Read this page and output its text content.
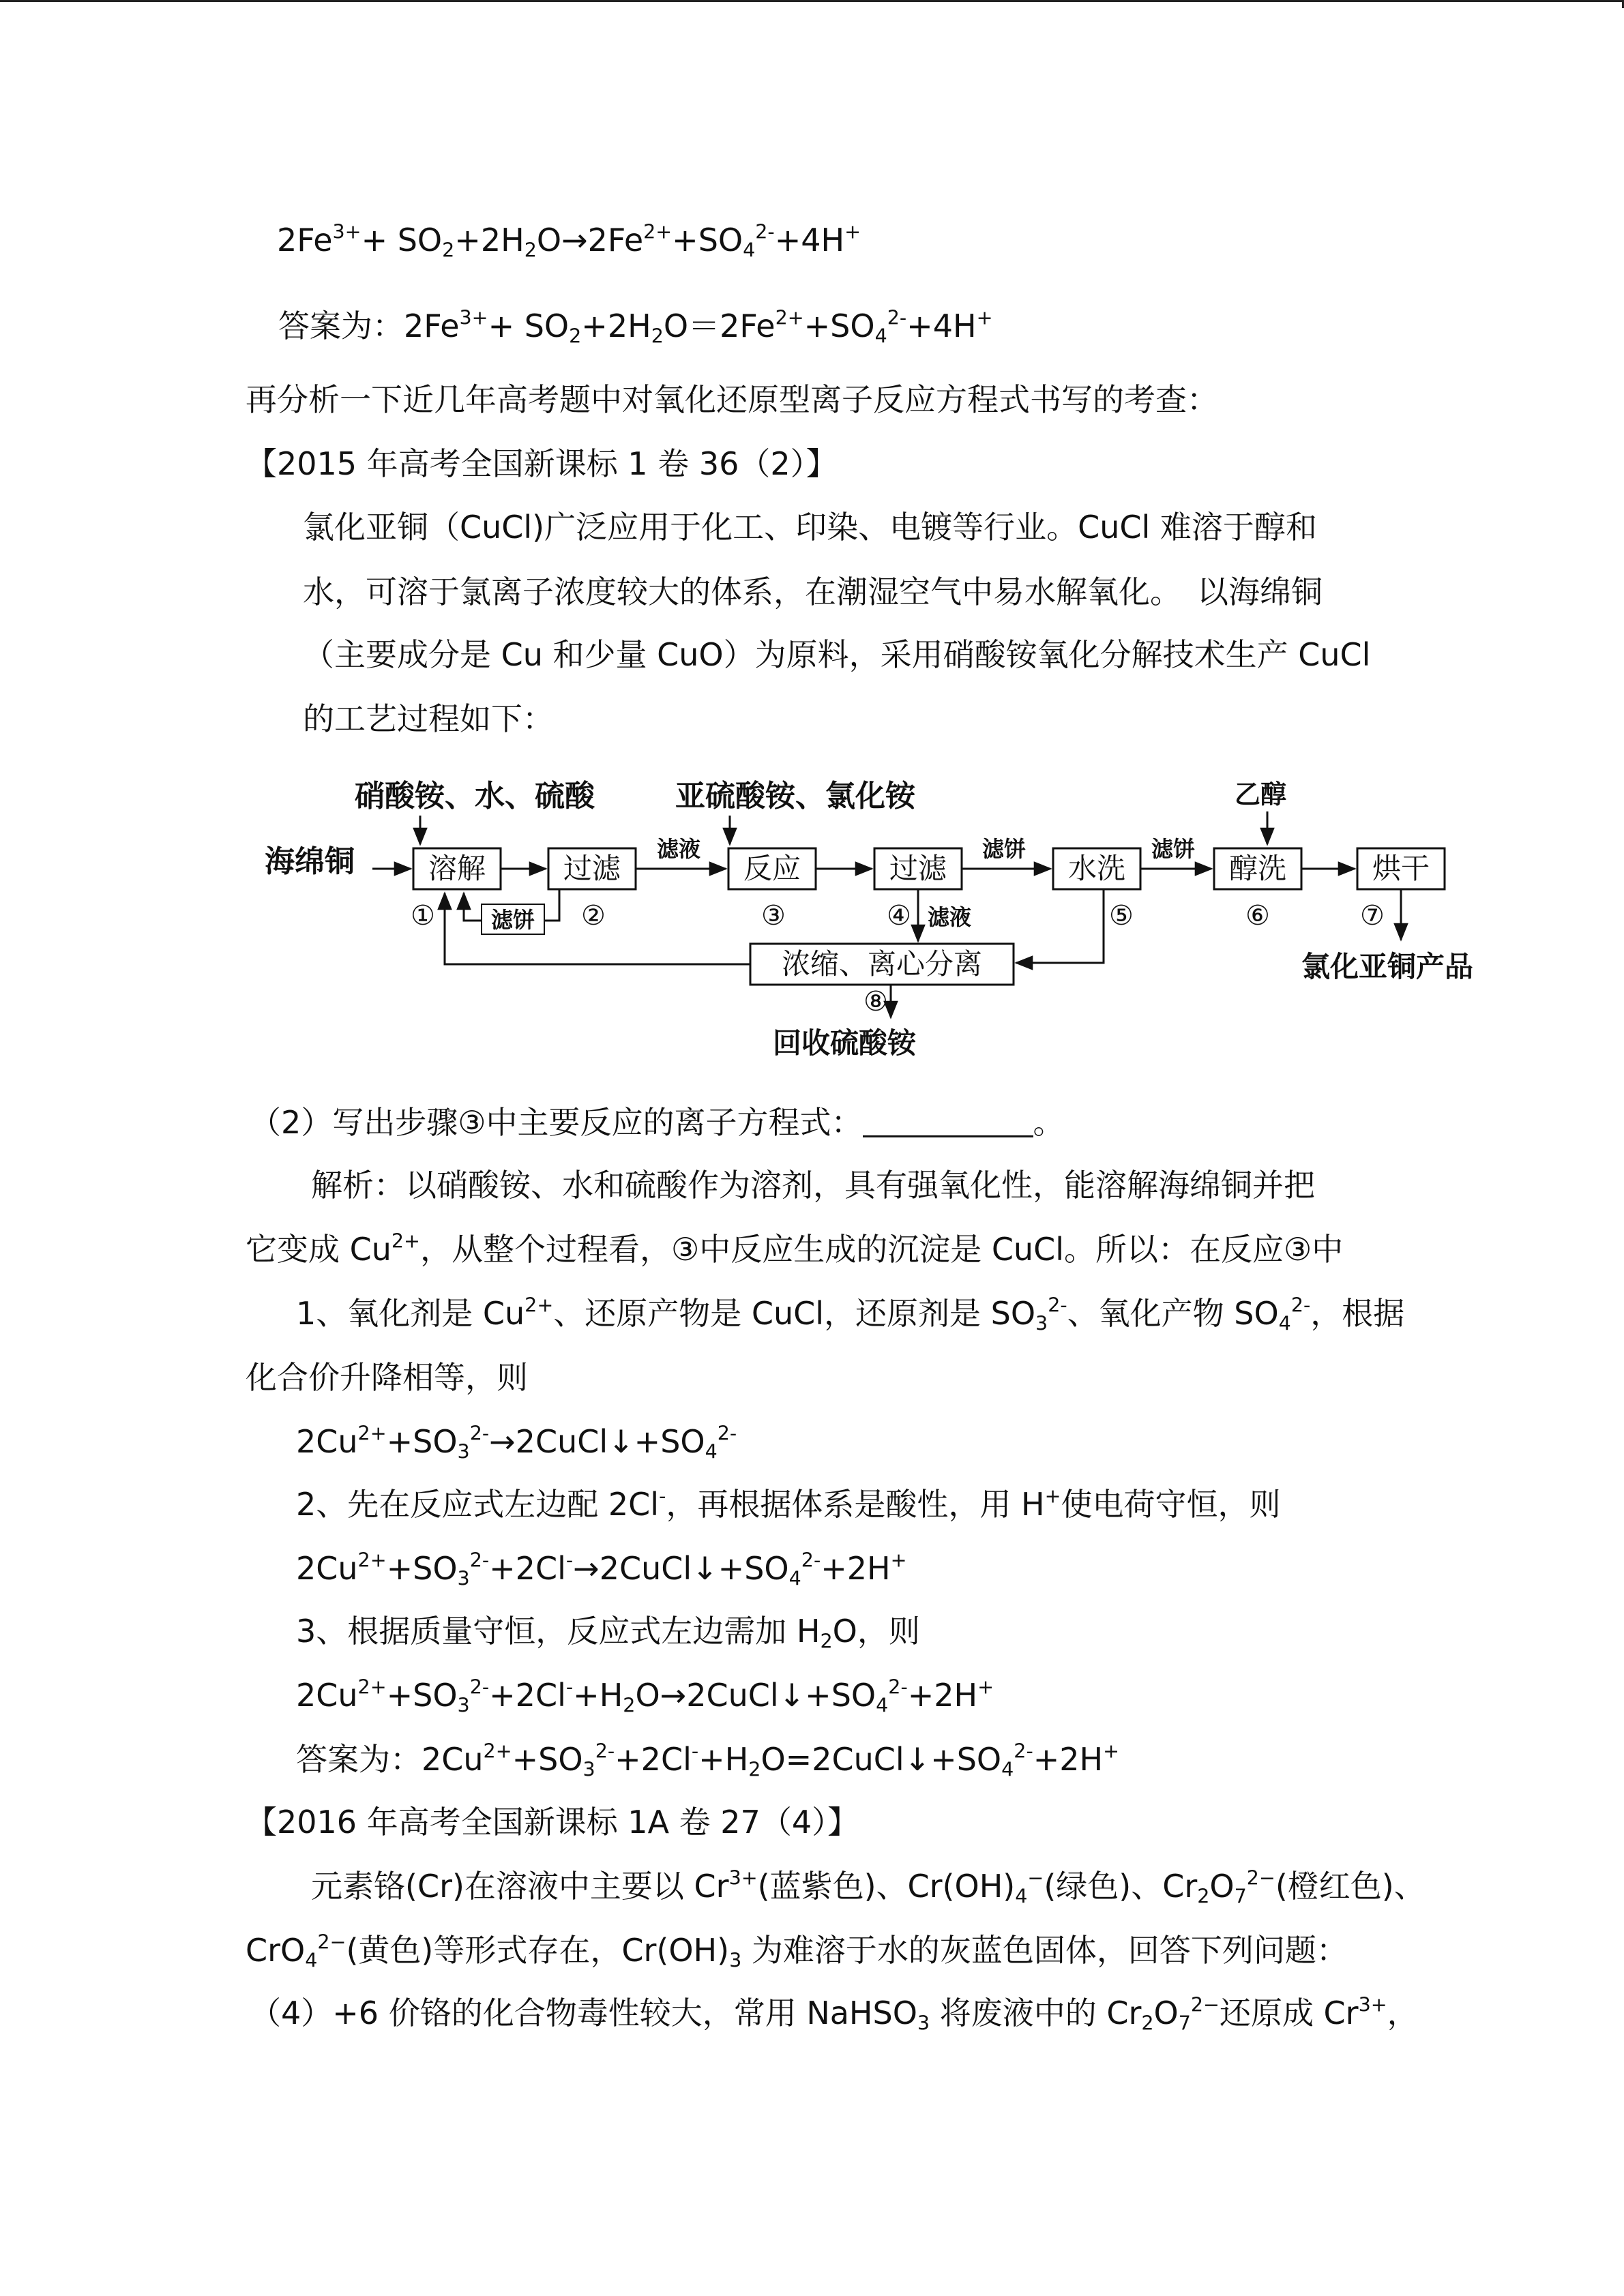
$2Fe^{3+}+ SO_2+2H_2O\to 2Fe^{2+}+SO_4^{2-}+4H^+$
答案为：$2Fe^{3+}+ SO_2+2H_2O=2Fe^{2+}+SO_4^{2-}+4H^+$
再分析一下近几年高考题中对氧化还原型离子反应方程式书写的考查：
【2015 年高考全国新课标 1 卷 36（2）】
氯化亚铜（CuCl)广泛应用于化工、印染、电镀等行业。CuCl 难溶于醇和
水，可溶于氯离子浓度较大的体系，在潮湿空气中易水解氧化。　以海绵铜
（主要成分是 Cu 和少量 CuO）为原料，采用硝酸铵氧化分解技术生产 CuCl
的工艺过程如下：
硝酸铵、水、硫酸	亚硫酸铵、氯化铵	乙醇
海绵铜	溶解	过滤
滤液
反应	过滤
滤饼
水洗
滤饼
醇洗	烘干
氯化亚铜产品
①	②	③	④	⑤	⑥	⑦
滤饼	滤液
浓缩、离心分离
⑧
回收硫酸铵
（2）写出步骤③中主要反应的离子方程式：	。
解析：以硝酸铵、水和硫酸作为溶剂，具有强氧化性，能溶解海绵铜并把
它变成 $Cu^{2+}$，从整个过程看，③中反应生成的沉淀是 CuCl。所以：在反应③中
1、氧化剂是 $Cu^{2+}$、还原产物是 CuCl，还原剂是 $SO_3^{2-}$、氧化产物 $SO_4^{2-}$，根据
化合价升降相等，则
$2Cu^{2+}+SO_3^{2-}\to 2CuCl↓+SO_4^{2-}$
2、先在反应式左边配 2Cl-，再根据体系是酸性，用 H+使电荷守恒，则
$2Cu^{2+}+SO_3^{2-}+2Cl^-\to 2CuCl↓+SO_4^{2-}+2H^+$
3、根据质量守恒，反应式左边需加 $H_2O$，则
$2Cu^{2+}+SO_3^{2-}+2Cl^-+H_2O\to 2CuCl↓+SO_4^{2-}+2H^+$
答案为：$2Cu^{2+}+SO_3^{2-}+2Cl^-+H_2O=2CuCl↓+SO_4^{2-}+2H^+$
【2016 年高考全国新课标 1A 卷 27（4）】
元素铬(Cr)在溶液中主要以 $Cr^{3+}$(蓝紫色)、$Cr(OH)_4^-$(绿色)、$Cr_2O_7^{2-}$(橙红色)、
CrO$_4^{2-}$(黄色)等形式存在，$Cr(OH)_3$ 为难溶于水的灰蓝色固体，回答下列问题：
（4）+6 价铬的化合物毒性较大，常用 NaHSO$_3$ 将废液中的 $Cr_2O_7^{2-}$还原成 $Cr^{3+}$，
